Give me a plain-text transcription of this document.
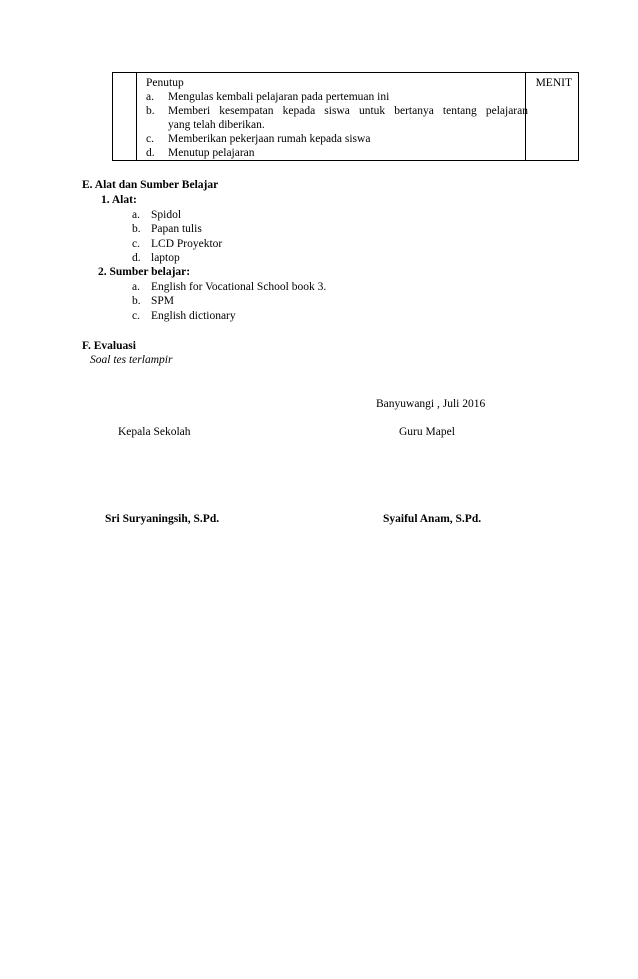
Penutup
a. Mengulas kembali pelajaran pada pertemuan ini
b. Memberi kesempatan kepada siswa untuk bertanya tentang pelajaran
yang telah diberikan.
c. Memberikan pekerjaan rumah kepada siswa
d. Menutup pelajaran
MENIT
E. Alat dan Sumber Belajar
1. Alat:
a. Spidol
b. Papan tulis
c. LCD Proyektor
d. laptop
2. Sumber belajar:
a. English for Vocational School book 3.
b. SPM
c. English dictionary
F. Evaluasi
Soal tes terlampir
Banyuwangi , Juli 2016
Kepala Sekolah	Guru Mapel
Sri Suryaningsih, S.Pd.	Syaiful Anam, S.Pd.
